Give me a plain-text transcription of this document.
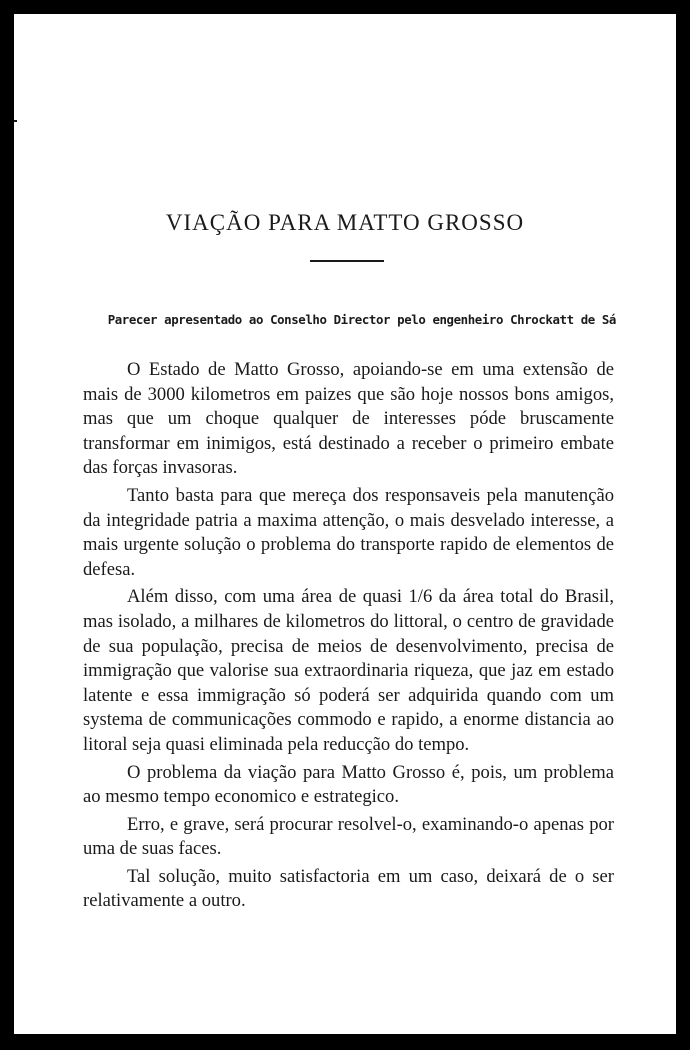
VIAÇÃO PARA MATTO GROSSO

Parecer apresentado ao Conselho Director pelo engenheiro Chrockatt de Sá

O Estado de Matto Grosso, apoiando-se em uma extensão de mais de 3000 kilometros em paizes que são hoje nossos bons amigos, mas que um choque qualquer de interesses póde bruscamente transformar em inimigos, está destinado a receber o primeiro embate das forças invasoras.

Tanto basta para que mereça dos responsaveis pela manutenção da integridade patria a maxima attenção, o mais desvelado interesse, a mais urgente solução o problema do transporte rapido de elementos de defesa.

Além disso, com uma área de quasi 1/6 da área total do Brasil, mas isolado, a milhares de kilometros do littoral, o centro de gravidade de sua população, precisa de meios de desenvolvimento, precisa de immigração que valorise sua extraordinaria riqueza, que jaz em estado latente e essa immigração só poderá ser adquirida quando com um systema de communicações commodo e rapido, a enorme distancia ao litoral seja quasi eliminada pela reducção do tempo.

O problema da viação para Matto Grosso é, pois, um problema ao mesmo tempo economico e estrategico.

Erro, e grave, será procurar resolvel-o, examinando-o apenas por uma de suas faces.

Tal solução, muito satisfactoria em um caso, deixará de o ser relativamente a outro.
